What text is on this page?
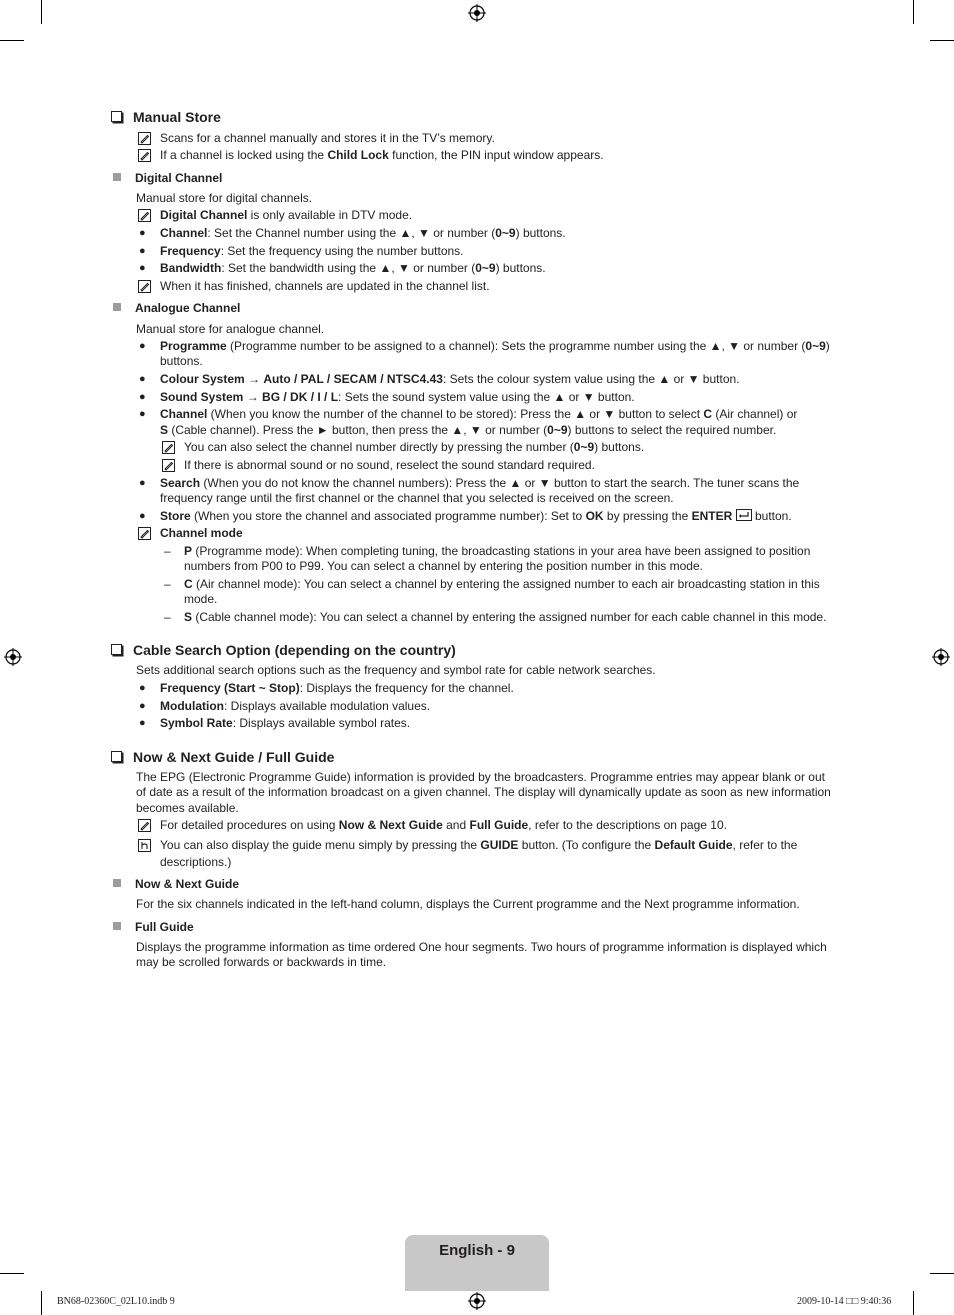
Manual Store
Scans for a channel manually and stores it in the TV’s memory.
If a channel is locked using the Child Lock function, the PIN input window appears.
Digital Channel
Manual store for digital channels.
Digital Channel is only available in DTV mode.
● Channel: Set the Channel number using the ▲, ▼ or number (0~9) buttons.
● Frequency: Set the frequency using the number buttons.
● Bandwidth: Set the bandwidth using the ▲, ▼ or number (0~9) buttons.
When it has finished, channels are updated in the channel list.
Analogue Channel
Manual store for analogue channel.
● Programme (Programme number to be assigned to a channel): Sets the programme number using the ▲, ▼ or number (0~9)
buttons.
● Colour System → Auto / PAL / SECAM / NTSC4.43: Sets the colour system value using the ▲ or ▼ button.
● Sound System → BG / DK / I / L: Sets the sound system value using the ▲ or ▼ button.
● Channel (When you know the number of the channel to be stored): Press the ▲ or ▼ button to select C (Air channel) or
S (Cable channel). Press the ► button, then press the ▲, ▼ or number (0~9) buttons to select the required number.
You can also select the channel number directly by pressing the number (0~9) buttons.
If there is abnormal sound or no sound, reselect the sound standard required.
● Search (When you do not know the channel numbers): Press the ▲ or ▼ button to start the search. The tuner scans the
frequency range until the first channel or the channel that you selected is received on the screen.
● Store (When you store the channel and associated programme number): Set to OK by pressing the ENTER  button.
Channel mode
– P (Programme mode): When completing tuning, the broadcasting stations in your area have been assigned to position
numbers from P00 to P99. You can select a channel by entering the position number in this mode.
– C (Air channel mode): You can select a channel by entering the assigned number to each air broadcasting station in this
mode.
– S (Cable channel mode): You can select a channel by entering the assigned number for each cable channel in this mode.
Cable Search Option (depending on the country)
Sets additional search options such as the frequency and symbol rate for cable network searches.
● Frequency (Start ~ Stop): Displays the frequency for the channel.
● Modulation: Displays available modulation values.
● Symbol Rate: Displays available symbol rates.
Now & Next Guide / Full Guide
The EPG (Electronic Programme Guide) information is provided by the broadcasters. Programme entries may appear blank or out
of date as a result of the information broadcast on a given channel. The display will dynamically update as soon as new information
becomes available.
For detailed procedures on using Now & Next Guide and Full Guide, refer to the descriptions on page 10.
You can also display the guide menu simply by pressing the GUIDE button. (To configure the Default Guide, refer to the
descriptions.)
Now & Next Guide
For the six channels indicated in the left-hand column, displays the Current programme and the Next programme information.
Full Guide
Displays the programme information as time ordered One hour segments. Two hours of programme information is displayed which
may be scrolled forwards or backwards in time.
English - 9
BN68-02360C_02L10.indb 9	2009-10-14 □□ 9:40:36
